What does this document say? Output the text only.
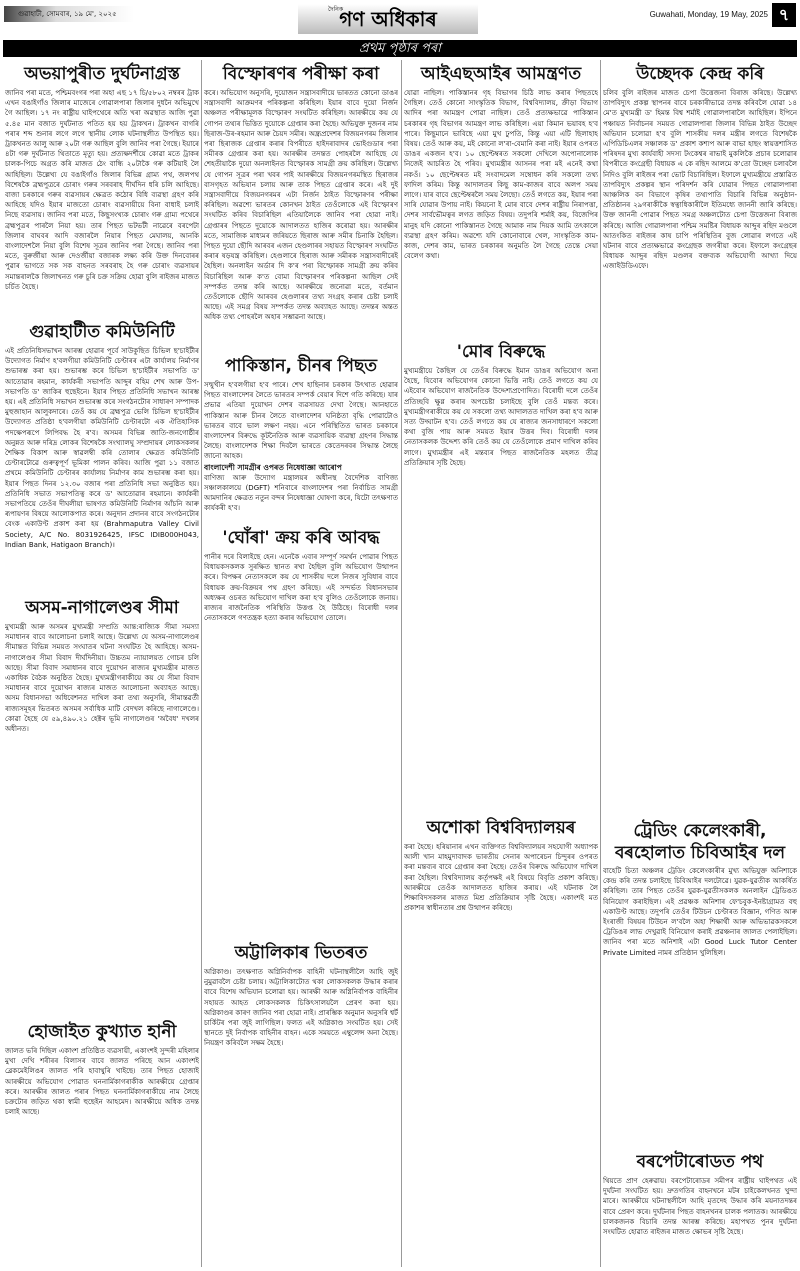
গুৱাহাটী, সোমবাৰ, ১৯ মে', ২০২৫
দৈনিক
গণ অধিকাৰ	Guwahati, Monday, 19 May, 2025 ৭
প্ৰথম পৃষ্ঠাৰ পৰা
অভয়াপুৰীত দুৰ্ঘটনাগ্ৰস্ত

জানিব পৰা মতে, পশ্চিমবংগৰ পৰা অহা এছ ১৭ চি/৫৮০২ নম্বৰৰ ট্ৰাক এখন বঙাইগাঁও জিলাৰ মাজেৰে গোৱালপাৰা জিলাৰ দুধনৈ অভিমুখে গৈ আছিল। ১৭ নং ৰাষ্ট্ৰীয় ঘাইপথেৰে অতি খৰা অৱস্থাত আজি পুৱা ৫.৪৫ মান বজাত দুৰ্ঘটনাত পতিত হয় হয় ট্ৰাকখন। ট্ৰাকখন বাগৰি পৰাৰ শব্দ শুনাৰ লগে লগে স্থানীয় লোক ঘটনাস্থলীত উপস্থিত হয়। ট্ৰাকখনত আলু আৰু ২০টা গৰু আছিল বুলি জানিব পৰা গৈছে। ইয়াৰে ৪টা গৰু দুৰ্ঘটনাত থিতাতে মৃত্যু হয়। প্ৰত্যক্ষদৰ্শীয়ে কোৱা মতে ট্ৰাকৰ চালক-পিচে অগ্ৰত কৰি মাজত ঠেং বান্ধি ২০টাকৈ গৰু কটিয়াই লৈ আহিছিল। উল্লেখ্য যে বঙাইগাঁও জিলাৰ বিভিন্ন গ্ৰাম্য পথ, জলপথ বিশেষকৈ ব্ৰহ্মপুত্ৰৰে চোৰাং গৰুৰ সৰবৰাহ দীৰ্ঘদিন ধৰি চলি আহিছে। বাজা চৰকাৰে গৰুৰ ব্যৱসায়ৰ ক্ষেত্ৰত কঠোৰ বিধি ব্যৱস্থা গ্ৰহণ কৰি আহিছে যদিও ইয়াৰ মাজতো চোৰাং ব্যৱসায়ীয়ে বিনা বাধাই চলাই নিছে ব্যৱসায়। জানিব পৰা মতে, কিছুসংখ্যক চোৰাং গৰু গ্ৰাম্য পথেৰে ব্ৰহ্মপুত্ৰৰ পাৰলৈ নিয়া হয়। তাৰ পিছত ভটভটী নাৱেৰে বৰপেটা জিলাৰ বাঘবৰ আদি বজাৰলৈ নিয়াৰ পিছত মেঘালয়, আনকি বাংলাদেশলৈ নিয়া বুলি বিশেষ সূত্ৰৰ জানিব পৰা গৈছে। জানিব পৰা মতে, বুৰুৰ্জীয়া আৰু দেওৰ্জীয়া বজাৰক লক্ষ্য কৰি উক্ত দিনবোৰৰ পুৱাৰ ভাগতে সক সক বাহনত সৰবৰাহ হৈ গৰু চোৰাং ব্যৱসায়ৰ সমান্তৰালকৈ জিলাখনত গৰু চুৰি চক্ৰ সক্ৰিয় হোৱা বুলি ৰাইজৰ মাজত চৰ্চিত হৈছে।

গুৱাহাটীত কমিউনিটি

এই প্ৰতিনিধিসভাখন আৰম্ভ হোৱাৰ পূৰ্বে সাউকুছিত চিভিল ছ'চাইটীৰ উদ্যোগত নিৰ্মাণ হ'বলগীয়া কমিউনিটি চেণ্টাৰৰ এটা কাৰ্যালয় নিৰ্মাণৰ শুভাৰম্ভ কৰা হয়। শুভাৰম্ভ কৰে চিভিল ছ'চাইটীৰ সভাপতি ড' আতোৱাৰ ৰহমান, কাৰ্যকৰী সভাপতি আব্দুৰ বহিম শেখ আৰু উপ-সভাপতি ড' জাকিৰ হুছেইনে। ইয়াৰ পিছত প্ৰতিনিধি সভাখন আৰম্ভ হয়। এই প্ৰতিনিধি সভাখন শুভাৰম্ভ কৰে সংগঠনটোৰ সাধাৰণ সম্পাদক মুহুজাহান আলুকদাৰে। তেওঁ কয় যে ব্ৰহ্মপুত্ৰ ভেলি চিভিল ছ'চাইটীৰ উদ্যোগত প্ৰতিষ্ঠা হ'বলগীয়া কমিউনিটি চেণ্টাৰটো এক ঐতিহাসিক পদক্ষেপৰূপে লিপিবদ্ধ হৈ ৰ'ব। অসমৰ বিভিন্ন জাতি-জনগোষ্ঠীৰ অনুন্নত আৰু দৰিদ্ৰ লোকৰ বিশেষকৈ সংখ্যালঘু সম্প্ৰদায়ৰ লোকসকলৰ শৈক্ষিক বিকাশ আৰু স্বাৱলম্বী কৰি তোলাৰ ক্ষেত্ৰত কমিউনিটি চেণ্টাৰটোৱে গুৰুত্বপূৰ্ণ ভূমিকা পালন কৰিব। আজি পুৱা ১১ বজাত প্ৰথমে কমিউনিটি চেণ্টাৰৰ কাৰ্যালয় নিৰ্মাণৰ কাম শুভাৰম্ভ কৰা হয়। ইয়াৰ পিছত দিনৰ ১২.৩০ বজাৰ পৰা প্ৰতিনিধি সভা অনুষ্ঠিত হয়। প্ৰতিনিধি সভাত সভাপতিত্ব কৰে ড' আতোৱাৰ ৰহমানে। কাৰ্যকৰী সভাপতিয়ে তেওঁৰ দীঘলীয়া ভাষণত কমিউনিটি নিৰ্মাণৰ আঁচনি আৰু ৰূপায়ণৰ বিষয়ে আলোকপাত কৰে। অনুদান প্ৰদানৰ বাবে সংগঠনটোৰ বেংক একাউণ্ট প্ৰকাশ কৰা হয় (Brahmaputra Valley Civil Society, A/C No. 8031926425, IFSC IDIB000H043, Indian Bank, Hatigaon Branch)।

অসম-নাগালেণ্ডৰ সীমা

মুখ্যমন্ত্ৰী আৰু অসমৰ মুখ্যমন্ত্ৰী সম্প্ৰতি আন্ত:ৰাজ্যিক সীমা সমস্যা সমাধানৰ বাবে আলোচনা চলাই আছে। উল্লেখ্য যে অসম-নাগালেণ্ডৰ সীমান্তত বিভিন্ন সময়ত সংঘাতৰ ঘটনা সংঘটিত হৈ আহিছে। অসম-নাগালেণ্ডৰ সীমা বিবাদ দীৰ্ঘদিনীয়া। উচ্চতম ন্যায়ালয়ত গোচৰ চলি আছে। সীমা বিবাদ সমাধানৰ বাবে দুয়োখন ৰাজ্যৰ মুখ্যমন্ত্ৰীৰ মাজত একাধিক বৈঠক অনুষ্ঠিত হৈছে। মুখ্যমন্ত্ৰীগৰাকীয়ে কয় যে সীমা বিবাদ সমাধানৰ বাবে দুয়োখন ৰাজ্যৰ মাজত আলোচনা অব্যাহত আছে। অসম বিধানসভা অধিবেশনত দাখিল কৰা তথ্য অনুসৰি, সীমান্তৱৰ্তী ৰাজ্যসমূহৰ ভিতৰত অসমৰ সৰ্বাধিক মাটি বেদখল কৰিছে নাগালেণ্ডে। কোৱা হৈছে যে ৫৯,৪৯০.২১ হেক্টৰ ভূমি নাগালেণ্ডৰ 'অবৈধ' দখলৰ অধীনত।

হোজাইত কুখ্যাত হানী

জালত ভৰি দিছিল একাংশ প্ৰতিষ্ঠিত ব্যৱসায়ী, একাংশই সুন্দৰী মহিলাৰ মুখা দেখি শৰীৰৰ বিলাসৰ বাবে জালত পৰিছে আন একাংশই ব্লেকমেইলিঙৰ জালত পৰি হাবাথুৰি খাইছে। তাৰ পিছত হোজাই আৰক্ষীয়ে অভিযোগ পোৱাত ঘননাৰ্মিকাগৰাকীক আৰক্ষীয়ে গ্ৰেপ্তাৰ কৰে। আৰক্ষীৰ জালত পৰাৰ পিছত ঘননাৰ্মিকাগৰাকীয়ে নাম লৈছে চক্ৰটোৰ জড়িত থকা স্বামী হুছেইন আহমেদ। আৰক্ষীয়ে অধিক তদন্ত চলাই আছে।

বিস্ফোৰণৰ পৰীক্ষা কৰা

কৰে। অভিযোগ অনুসৰি, দুয়োজন সন্ত্ৰাসবাদীয়ে ভাৰতত কোনো ডাঙৰ সন্ত্ৰাসবাদী আক্ৰমণৰ পৰিকল্পনা কৰিছিল। ইয়াৰ বাবে দুয়ো নিৰ্জন অঞ্চলত পৰীক্ষামূলক বিস্ফোৰণ সংঘটিত কৰিছিল। আৰক্ষীয়ে কয় যে গোপন তথ্যৰ ভিত্তিত দুয়োকে গ্ৰেপ্তাৰ কৰা হৈছে। অভিযুক্ত দুজনৰ নাম ছিৰাজ-উৰ-ৰহমান আৰু চৈয়দ সমীৰ। অন্ধ্ৰপ্ৰদেশৰ বিজয়নগৰম জিলাৰ পৰা ছিৰাজক গ্ৰেপ্তাৰ কৰাৰ বিপৰীতে হাইদৰাবাদৰ ভোইগুডাৰ পৰা সমীৰক গ্ৰেপ্তাৰ কৰা হয়। আৰক্ষীৰ তদন্তত পোহৰলৈ আহিছে যে শেহতীয়াকৈ দুয়ো অনলাইনত বিস্ফোৰক সামগ্ৰী ক্ৰয় কৰিছিল। উল্লেখ্য যে গোপন সূত্ৰৰ পৰা খবৰ পাই আৰক্ষীয়ে বিজয়নগৰমস্থিত ছিৰাজৰ বাসগৃহত অভিযান চলায় আৰু তাক পিছত গ্ৰেপ্তাৰ কৰে। এই দুই সন্ত্ৰাসবাদীয়ে বিজয়নগৰমৰ এটা নিৰ্জন ঠাইত বিস্ফোৰণৰ পৰীক্ষা কৰিছিল। অৱশ্যে ভাৰতৰ কোনখন ঠাইত তেওঁলোকে এই বিস্ফোৰণ সংঘটিত কৰিব বিচাৰিছিল এতিয়ালৈকে জানিব পৰা হোৱা নাই। গ্ৰেপ্তাৰৰ পিছতে দুয়োকে আদালতত হাজিৰ কৰোৱা হয়। আৰক্ষীৰ মতে, সামাজিক মাধ্যমৰ জৰিয়তে ছিৰাজ আৰু সমীৰ চিনাকি হৈছিল। পিছত দুয়ো ছৌদি আৰবৰ এজন হেণ্ডলাৰৰ সহায়ত বিস্ফোৰণ সংঘটিত কৰাৰ ষড়যন্ত্ৰ কৰিছিল। হেণ্ডলাৰে ছিৰাজ আৰু সমীৰক সন্ত্ৰাসবাদীৰেই হৈছিল। অনলাইন অৰ্ডাৰ দি ক'ৰ পৰা বিস্ফোৰক সামগ্ৰী ক্ৰয় কৰিব বিচাৰিছিল আৰু ক'ত বোমা বিস্ফোৰণৰ পৰিকল্পনা আছিল সেই সম্পৰ্কত তদন্ত কৰি আছে। আৰক্ষীয়ে জনোৱা মতে, বৰ্তমান তেওঁলোকে ছৌদি আৰবৰ হেণ্ডলাৰৰ তথ্য সংগ্ৰহ কৰাৰ চেষ্টা চলাই আছে। এই সমগ্ৰ বিষয় সম্পৰ্কত তদন্ত অব্যাহত আছে। তদন্তৰ অন্তত অধিক তথ্য পোহৰলৈ অহাৰ সম্ভাৱনা আছে।

পাকিস্তান, চীনৰ পিছত

সন্মুখীন হ'বলগীয়া হ'ব পাৰে। শেখ হাছিনাৰ চৰকাৰ উৎখাত হোৱাৰ পিছত বাংলাদেশৰ লৈতে ভাৰতৰ সম্পৰ্ক বেয়াৰ দিশে গতি কৰিছে। যাৰ প্ৰভাৱ এতিয়া দুয়োখন দেশৰ ব্যৱসায়ত দেখা গৈছে। আনহাতে পাকিস্তান আৰু চীনৰ লৈতে বাংলাদেশৰ ঘনিষ্ঠতা বৃদ্ধি পোৱাটোও ভাৰতৰ বাবে ভাল লক্ষণ নহয়। এনে পৰিস্থিতিত ভাৰত চৰকাৰে বাংলাদেশৰ বিৰুদ্ধে কূটনৈতিক আৰু ব্যৱসায়িক ব্যৱস্থা গ্ৰহণৰ সিদ্ধান্ত লৈছে। বাংলাদেশক শিক্ষা দিবলৈ ভাৰতে কেতেদৰবৰ সিদ্ধান্ত লৈছে জানো আহক।

বাংলাদেশী সামগ্ৰীৰ ওপৰত নিষেধাজ্ঞা আৰোপ

বাণিজ্য আৰু উদ্যোগ মন্ত্ৰালয়ৰ অধীনস্থ বৈদেশিক বাণিজ্য সঞ্চালকালয়ে (DGFT) শনিবাৰে বাংলাদেশৰ পৰা নিৰ্বাচিত সামগ্ৰী আমদানিৰ ক্ষেত্ৰত নতুন বন্দৰ নিষেধাজ্ঞা ঘোষণা কৰে, যিটো তৎক্ষণাত কাৰ্যকৰী হ'ব।

'ঘোঁৰা' ক্ৰয় কৰি আবদ্ধ

পানীৰ দৰে বিলাইছে হেন। এনেকৈ এবাৰ সম্পূৰ্ণ সমৰ্থন পোৱাৰ পিছত বিধায়কসকলক সুৰক্ষিত স্থানত ৰখা হৈছিল বুলি অভিযোগ উত্থাপন কৰে। বিপক্ষৰ নেতাসকলে কয় যে শাসকীয় দলে নিজৰ সুবিধাৰ বাবে বিধায়ক ক্ৰয়-বিক্ৰয়ৰ পথ গ্ৰহণ কৰিছে। এই সন্দৰ্ভত বিধানসভাৰ অধ্যক্ষৰ ওচৰত অভিযোগ দাখিল কৰা হ'ব বুলিও তেওঁলোকে জনায়। ৰাজ্যৰ ৰাজনৈতিক পৰিস্থিতি উত্তপ্ত হৈ উঠিছে। বিৰোধী দলৰ নেতাসকলে গণতন্ত্ৰক হত্যা কৰাৰ অভিযোগ তোলে।

অট্টালিকাৰ ভিতৰত

অগ্নিকাণ্ড। তৎক্ষণাত অগ্নিনিৰ্বাপক বাহিনী ঘটনাস্থলীলৈ আহি জুই নুমুৱাবলৈ চেষ্টা চলায়। অট্টালিকাটোত থকা লোকসকলক উদ্ধাৰ কৰাৰ বাবে বিশেষ অভিযান চলোৱা হয়। আৰক্ষী আৰু অগ্নিনিৰ্বাপক বাহিনীৰ সহায়ত আহত লোকসকলক চিকিৎসালয়লৈ প্ৰেৰণ কৰা হয়। অগ্নিকাণ্ডৰ কাৰণ জানিব পৰা হোৱা নাই। প্ৰাৰম্ভিক অনুমান অনুসৰি শ্বৰ্ট চাৰ্কিটৰ পৰা জুই লাগিছিল। ফলত এই অগ্নিকাণ্ড সংঘটিত হয়। সেই স্থানতে দুই নিৰ্বাপক বাহিনীৰ বাহন। একে সময়তে এম্বুলেন্স অনা হৈছে। নিয়ন্ত্ৰণ কৰিবলৈ সক্ষম হৈছে।

আইএছআইৰ আমন্ত্ৰণত

যোৱা নাছিল। পাকিস্তানৰ গৃহ বিভাগৰ চিঠি লাভ কৰাৰ পিছতহে গৈছিল। তেওঁ কোনো সাংস্কৃতিক বিভাগ, বিশ্ববিদ্যালয়, ক্ৰীড়া বিভাগ আদিৰ পৰা আমন্ত্ৰণ পোৱা নাছিল। তেওঁ প্ৰত্যক্ষভাৱে পাকিস্তান চৰকাৰৰ গৃহ বিভাগৰ আমন্ত্ৰণ লাভ কৰিছিল। এয়া কিমান ভয়াবহ হ'ব পাৰে। কিছুমানে ভাবিছে এয়া মুখ ঢুপতি, কিন্তু এয়া এটি ছিলাহাহ বিষয়। তেওঁ আৰু কয়, মই কোনো ল'ৰা-বেমানি কৰা নাই। ইয়াৰ ওপৰত ডাঙৰ একজন হ'ব। ১০ ছেপ্টেম্বৰত সকলো দেখিলে অপোনালোক নিজেই আচৰিত হৈ পৰিব। মুখ্যমন্ত্ৰীৰ আসনৰ পৰা মই এনেই কথা নকওঁ। ১০ ছেপ্টেম্বৰত মই সংবাদমেল সম্বোধন কৰি সকলো তথ্য ফাদিল কৰিম। কিন্তু আদালতৰ কিছু কাম-কাজৰ বাবে অলপ সময় লাগে। যাৰ বাবে ছেপ্টেম্বৰলৈ সময় লৈছো। তেওঁ লগতে কয়, ইয়াৰ পৰা সাৰি যোৱাৰ উপায় নাই। কিয়নো ই মোৰ বাবে দেশৰ ৰাষ্ট্ৰীয় নিৰাপত্তা, দেশৰ সাৰ্বভৌমত্বৰ লগত জড়িত বিষয়। তদুপৰি শৰ্মাই কয়, বিজেপিৰ মানুহ যদি কোনো পাকিস্তানত গৈছে আমাক নাম দিয়ক আমি তৎকালে ব্যৱস্থা গ্ৰহণ কৰিম। অৱশ্যে যদি কোনোবাৰে খেল, সাংস্কৃতিক কাম-কাজ, দেশৰ কাম, ভাৰত চৰকাৰৰ অনুমতি লৈ গৈছে তেন্তে সেয়া বেলেগ কথা।

'মোৰ বিৰুদ্ধে

মুখ্যমন্ত্ৰীয়ে কৈছিল যে তেওঁৰ বিৰুদ্ধে ইমান ডাঙৰ অভিযোগ অনা হৈছে, যিবোৰ অভিযোগৰ কোনো ভিত্তি নাই। তেওঁ লগতে কয় যে এইবোৰ অভিযোগ ৰাজনৈতিক উদ্দেশ্যপ্ৰণোদিত। বিৰোধী দলে তেওঁৰ প্ৰতিচ্ছবি ক্ষুণ্ণ কৰাৰ অপচেষ্টা চলাইছে বুলি তেওঁ মন্তব্য কৰে। মুখ্যমন্ত্ৰীগৰাকীয়ে কয় যে সকলো তথ্য আদালতত দাখিল কৰা হ'ব আৰু সত্য উদ্ঘাটন হ'ব। তেওঁ লগতে কয় যে ৰাজ্যৰ জনসাধাৰণে সকলো কথা বুজি পায় আৰু সময়ত ইয়াৰ উত্তৰ দিব। বিৰোধী দলৰ নেতাসকলক উদ্দেশ্য কৰি তেওঁ কয় যে তেওঁলোকে প্ৰমাণ দাখিল কৰিব লাগে। মুখ্যমন্ত্ৰীৰ এই মন্তব্যৰ পিছত ৰাজনৈতিক মহলত তীব্ৰ প্ৰতিক্ৰিয়াৰ সৃষ্টি হৈছে।

অশোকা বিশ্ববিদ্যালয়ৰ

কৰা হৈছে। হৰিয়ানাৰ এখন ব্যক্তিগত বিশ্ববিদ্যালয়ৰ সহযোগী অধ্যাপক আলী খান মাহমুদাবাদক ভাৰতীয় সেনাৰ অপাৰেচন চিন্দুৰৰ ওপৰত কৰা মন্তব্যৰ বাবে গ্ৰেপ্তাৰ কৰা হৈছে। তেওঁৰ বিৰুদ্ধে অভিযোগ দাখিল কৰা হৈছিল। বিশ্ববিদ্যালয় কৰ্তৃপক্ষই এই বিষয়ে বিবৃতি প্ৰকাশ কৰিছে। আৰক্ষীয়ে তেওঁক আদালতত হাজিৰ কৰায়। এই ঘটনাক লৈ শিক্ষাবিদসকলৰ মাজত মিশ্ৰ প্ৰতিক্ৰিয়াৰ সৃষ্টি হৈছে। একাংশই মত প্ৰকাশৰ স্বাধীনতাৰ প্ৰশ্ন উত্থাপন কৰিছে।

উচ্ছেদক কেন্দ্ৰ কৰি

চলিব বুলি ৰাইজৰ মাজত চেপা উত্তেজনা বিৰাজ কৰিছে। উল্লেখ্য তাপবিদ্যুৎ প্ৰকল্প স্থাপনৰ বাবে চৰকাৰীভাৱে তদন্ত কৰিবলৈ যোৱা ১৪ মে'ত মুখ্যমন্ত্ৰী ড' হিমন্ত বিশ্ব শৰ্মাই গোৱালপাৰালৈ আহিছিল। ইপিনে পঞ্চায়ত নিৰ্বাচনৰ সময়ত গোৱালপাৰা জিলাৰ বিভিন্ন ঠাইত উচ্ছেদ অভিযান চলোৱা হ'ব বুলি শাসকীয় দলৰ মন্ত্ৰীৰ লগতে বিশেষকৈ এপিডিচিএলৰ সঞ্চালক ড' প্ৰকাশ কশ্যপ আৰু বাভা হাছং স্বায়ত্তশাসিত পৰিষদৰ মুখ্য কাৰ্যবাহী সদস্য টংকেশ্বৰ ৰাভাই মুকলিকৈ প্ৰচাৰ চলোৱাৰ বিপৰীতে কংগ্ৰেছী বিধায়ক এ কে ৰছিদ আলমে ক'তো উচ্ছেদ চলাবলৈ নিদিও বুলি ৰাইজৰ পৰা ভোট বিচাৰিছিল। ইফালে মুখ্যমন্ত্ৰীয়ে প্ৰস্তাৱিত তাপবিদ্যুৎ প্ৰকল্পৰ স্থান পৰিদৰ্শন কৰি যোৱাৰ পিছত গোৱালপাৰা আঞ্চলিক বন বিভাগে কৃষিৰ তথ্যপাতি বিচাৰি বিভিন্ন অনুষ্ঠান-প্ৰতিষ্ঠানৰ ২৯গৰাকীকৈ স্বত্বাধিকাৰীলৈ ইতিমধ্যে জাননী জাৰি কৰিছে। উক্ত জাননী পোৱাৰ পিছত সমগ্ৰ অঞ্চলটোত চেপা উত্তেজনা বিৰাজ কৰিছে। আজি গোৱালপাৰা পশ্চিম সমষ্টিৰ বিধায়ক আব্দুৰ ৰছিদ মণ্ডলে আতংকিত ৰাইজৰ কাষ চাপি পৰিস্থিতিৰ বুজ লোৱাৰ লগতে এই ঘটনাৰ বাবে প্ৰত্যক্ষভাৱে কংগ্ৰেছক জগৰীয়া কৰে। ইফালে কংগ্ৰেছৰ বিধায়ক আব্দুৰ ৰছিদ মণ্ডলৰ বক্তব্যক অভিযোগী আখ্যা দিয়ে এজাইউডিএফে।

ট্ৰেডিং কেলেংকাৰী, বৰহোলাত চিবিআইৰ দল

বাহেটি চিতা অঞ্চলৰ ট্ৰেডিং কেলেংকাৰীৰ মুখ্য অভিযুক্ত অনিশাকে কেন্দ্ৰ কৰি তদন্ত চলাইছে চিবিআইৰ দলটোৱে। যুৱক-যুৱতীক আকৰ্ষিত কৰিছিল। তাৰ পিছত তেওঁৰ যুৱক-যুৱতীসকলক অনলাইন ট্ৰেডিঙত বিনিয়োগ কৰাইছিল। এই প্ৰৱঞ্চক অনিশাৰ ফে'চবুক-ইনষ্টাগ্ৰামত বহু একাউণ্ট আছে। তদুপৰি তেওঁৰ টিউচন চেণ্টাৰত বিজ্ঞান, গণিত আৰু ইংৰাজী বিষয়ৰ টিউচন ল'বলৈ অহা শিক্ষাৰ্থী আৰু অভিভাৱকসকলে ট্ৰেডিঙৰ লাভ দেখুৱাই বিনিয়োগ কৰাই প্ৰৱঞ্চনাৰ জালত পেলাইছিল। জানিব পৰা মতে অনিশাই এটা Good Luck Tutor Center Private Limited নামৰ প্ৰতিষ্ঠান খুলিছিল।

বৰপেটাৰোডত পথ

থিয়তে প্ৰাণ হেৰুৱায়। বৰপেটাৰোডৰ সমীপৰ ৰাষ্ট্ৰীয় ঘাইপথত এই দুৰ্ঘটনা সংঘটিত হয়। দ্ৰুতগতিৰ বাহনখনে মটৰ চাইকেলখনত খুন্দা মাৰে। আৰক্ষীয়ে ঘটনাস্থলীলৈ আহি মৃতদেহ উদ্ধাৰ কৰি ময়নাতদন্তৰ বাবে প্ৰেৰণ কৰে। দুৰ্ঘটনাৰ পিছত বাহনখনৰ চালক পলাতক। আৰক্ষীয়ে চালকজনক বিচাৰি তদন্ত আৰম্ভ কৰিছে। মহাপথত পুনৰ দুৰ্ঘটনা সংঘটিত হোৱাত ৰাইজৰ মাজত ক্ষোভৰ সৃষ্টি হৈছে।
